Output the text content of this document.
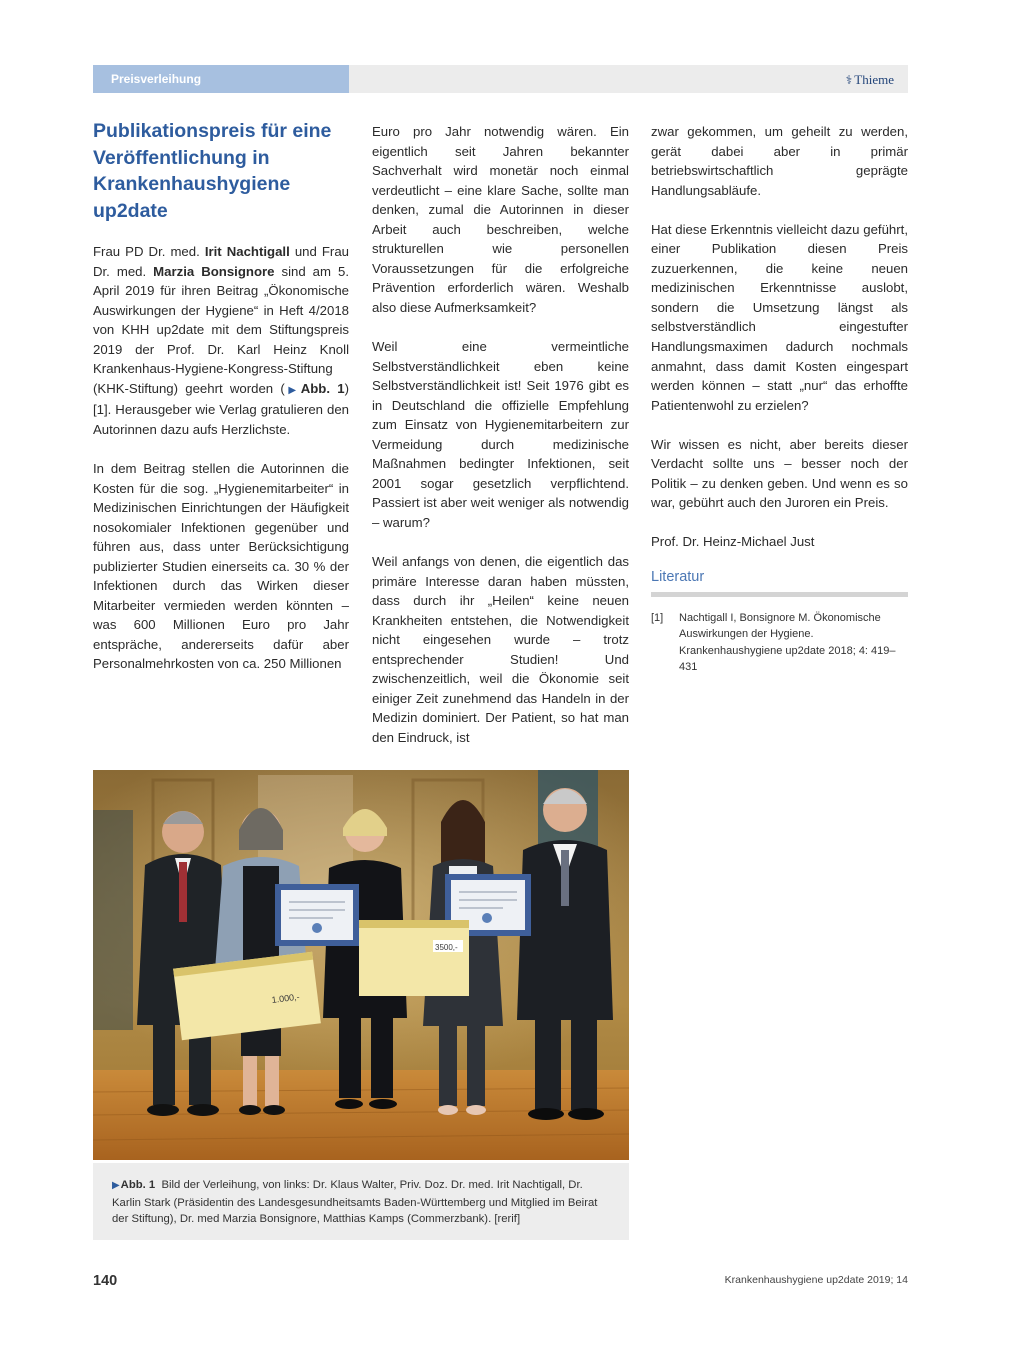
Preisverleihung	⚕ Thieme
Publikationspreis für eine Veröffentlichung in Krankenhaushygiene up2date

Frau PD Dr. med. Irit Nachtigall und Frau Dr. med. Marzia Bonsignore sind am 5. April 2019 für ihren Beitrag „Ökonomische Auswirkungen der Hygiene“ in Heft 4/2018 von KHH up2date mit dem Stiftungspreis 2019 der Prof. Dr. Karl Heinz Knoll Krankenhaus-Hygiene-Kongress-Stiftung (KHK-Stiftung) geehrt worden (▶ Abb. 1) [1]. Herausgeber wie Verlag gratulieren den Autorinnen dazu aufs Herzlichste.

In dem Beitrag stellen die Autorinnen die Kosten für die sog. „Hygienemitarbeiter“ in Medizinischen Einrichtungen der Häufigkeit nosokomialer Infektionen gegenüber und führen aus, dass unter Berücksichtigung publizierter Studien einerseits ca. 30 % der Infektionen durch das Wirken dieser Mitarbeiter vermieden werden könnten – was 600 Millionen Euro pro Jahr entspräche, andererseits dafür aber Personalmehrkosten von ca. 250 Millionen

Euro pro Jahr notwendig wären. Ein eigentlich seit Jahren bekannter Sachverhalt wird monetär noch einmal verdeutlicht – eine klare Sache, sollte man denken, zumal die Autorinnen in dieser Arbeit auch beschreiben, welche strukturellen wie personellen Voraussetzungen für die erfolgreiche Prävention erforderlich wären. Weshalb also diese Aufmerksamkeit?

Weil eine vermeintliche Selbstverständlichkeit eben keine Selbstverständlichkeit ist! Seit 1976 gibt es in Deutschland die offizielle Empfehlung zum Einsatz von Hygienemitarbeitern zur Vermeidung durch medizinische Maßnahmen bedingter Infektionen, seit 2001 sogar gesetzlich verpflichtend. Passiert ist aber weit weniger als notwendig – warum?

Weil anfangs von denen, die eigentlich das primäre Interesse daran haben müssten, dass durch ihr „Heilen“ keine neuen Krankheiten entstehen, die Notwendigkeit nicht eingesehen wurde – trotz entsprechender Studien! Und zwischenzeitlich, weil die Ökonomie seit einiger Zeit zunehmend das Handeln in der Medizin dominiert. Der Patient, so hat man den Eindruck, ist

zwar gekommen, um geheilt zu werden, gerät dabei aber in primär betriebswirtschaftlich geprägte Handlungsabläufe.

Hat diese Erkenntnis vielleicht dazu geführt, einer Publikation diesen Preis zuzuerkennen, die keine neuen medizinischen Erkenntnisse auslobt, sondern die Umsetzung längst als selbstverständlich eingestufter Handlungsmaximen dadurch nochmals anmahnt, dass damit Kosten eingespart werden können – statt „nur“ das erhoffte Patientenwohl zu erzielen?

Wir wissen es nicht, aber bereits dieser Verdacht sollte uns – besser noch der Politik – zu denken geben. Und wenn es so war, gebührt auch den Juroren ein Preis.

Prof. Dr. Heinz-Michael Just

Literatur
[1]	Nachtigall I, Bonsignore M. Ökonomische Auswirkungen der Hygiene. Krankenhaushygiene up2date 2018; 4: 419–431
1.000,-
3500,-
▶ Abb. 1 Bild der Verleihung, von links: Dr. Klaus Walter, Priv. Doz. Dr. med. Irit Nachtigall, Dr. Karlin Stark (Präsidentin des Landesgesundheitsamts Baden-Württemberg und Mitglied im Beirat der Stiftung), Dr. med Marzia Bonsignore, Matthias Kamps (Commerzbank). [rerif]
140	Krankenhaushygiene up2date 2019; 14
